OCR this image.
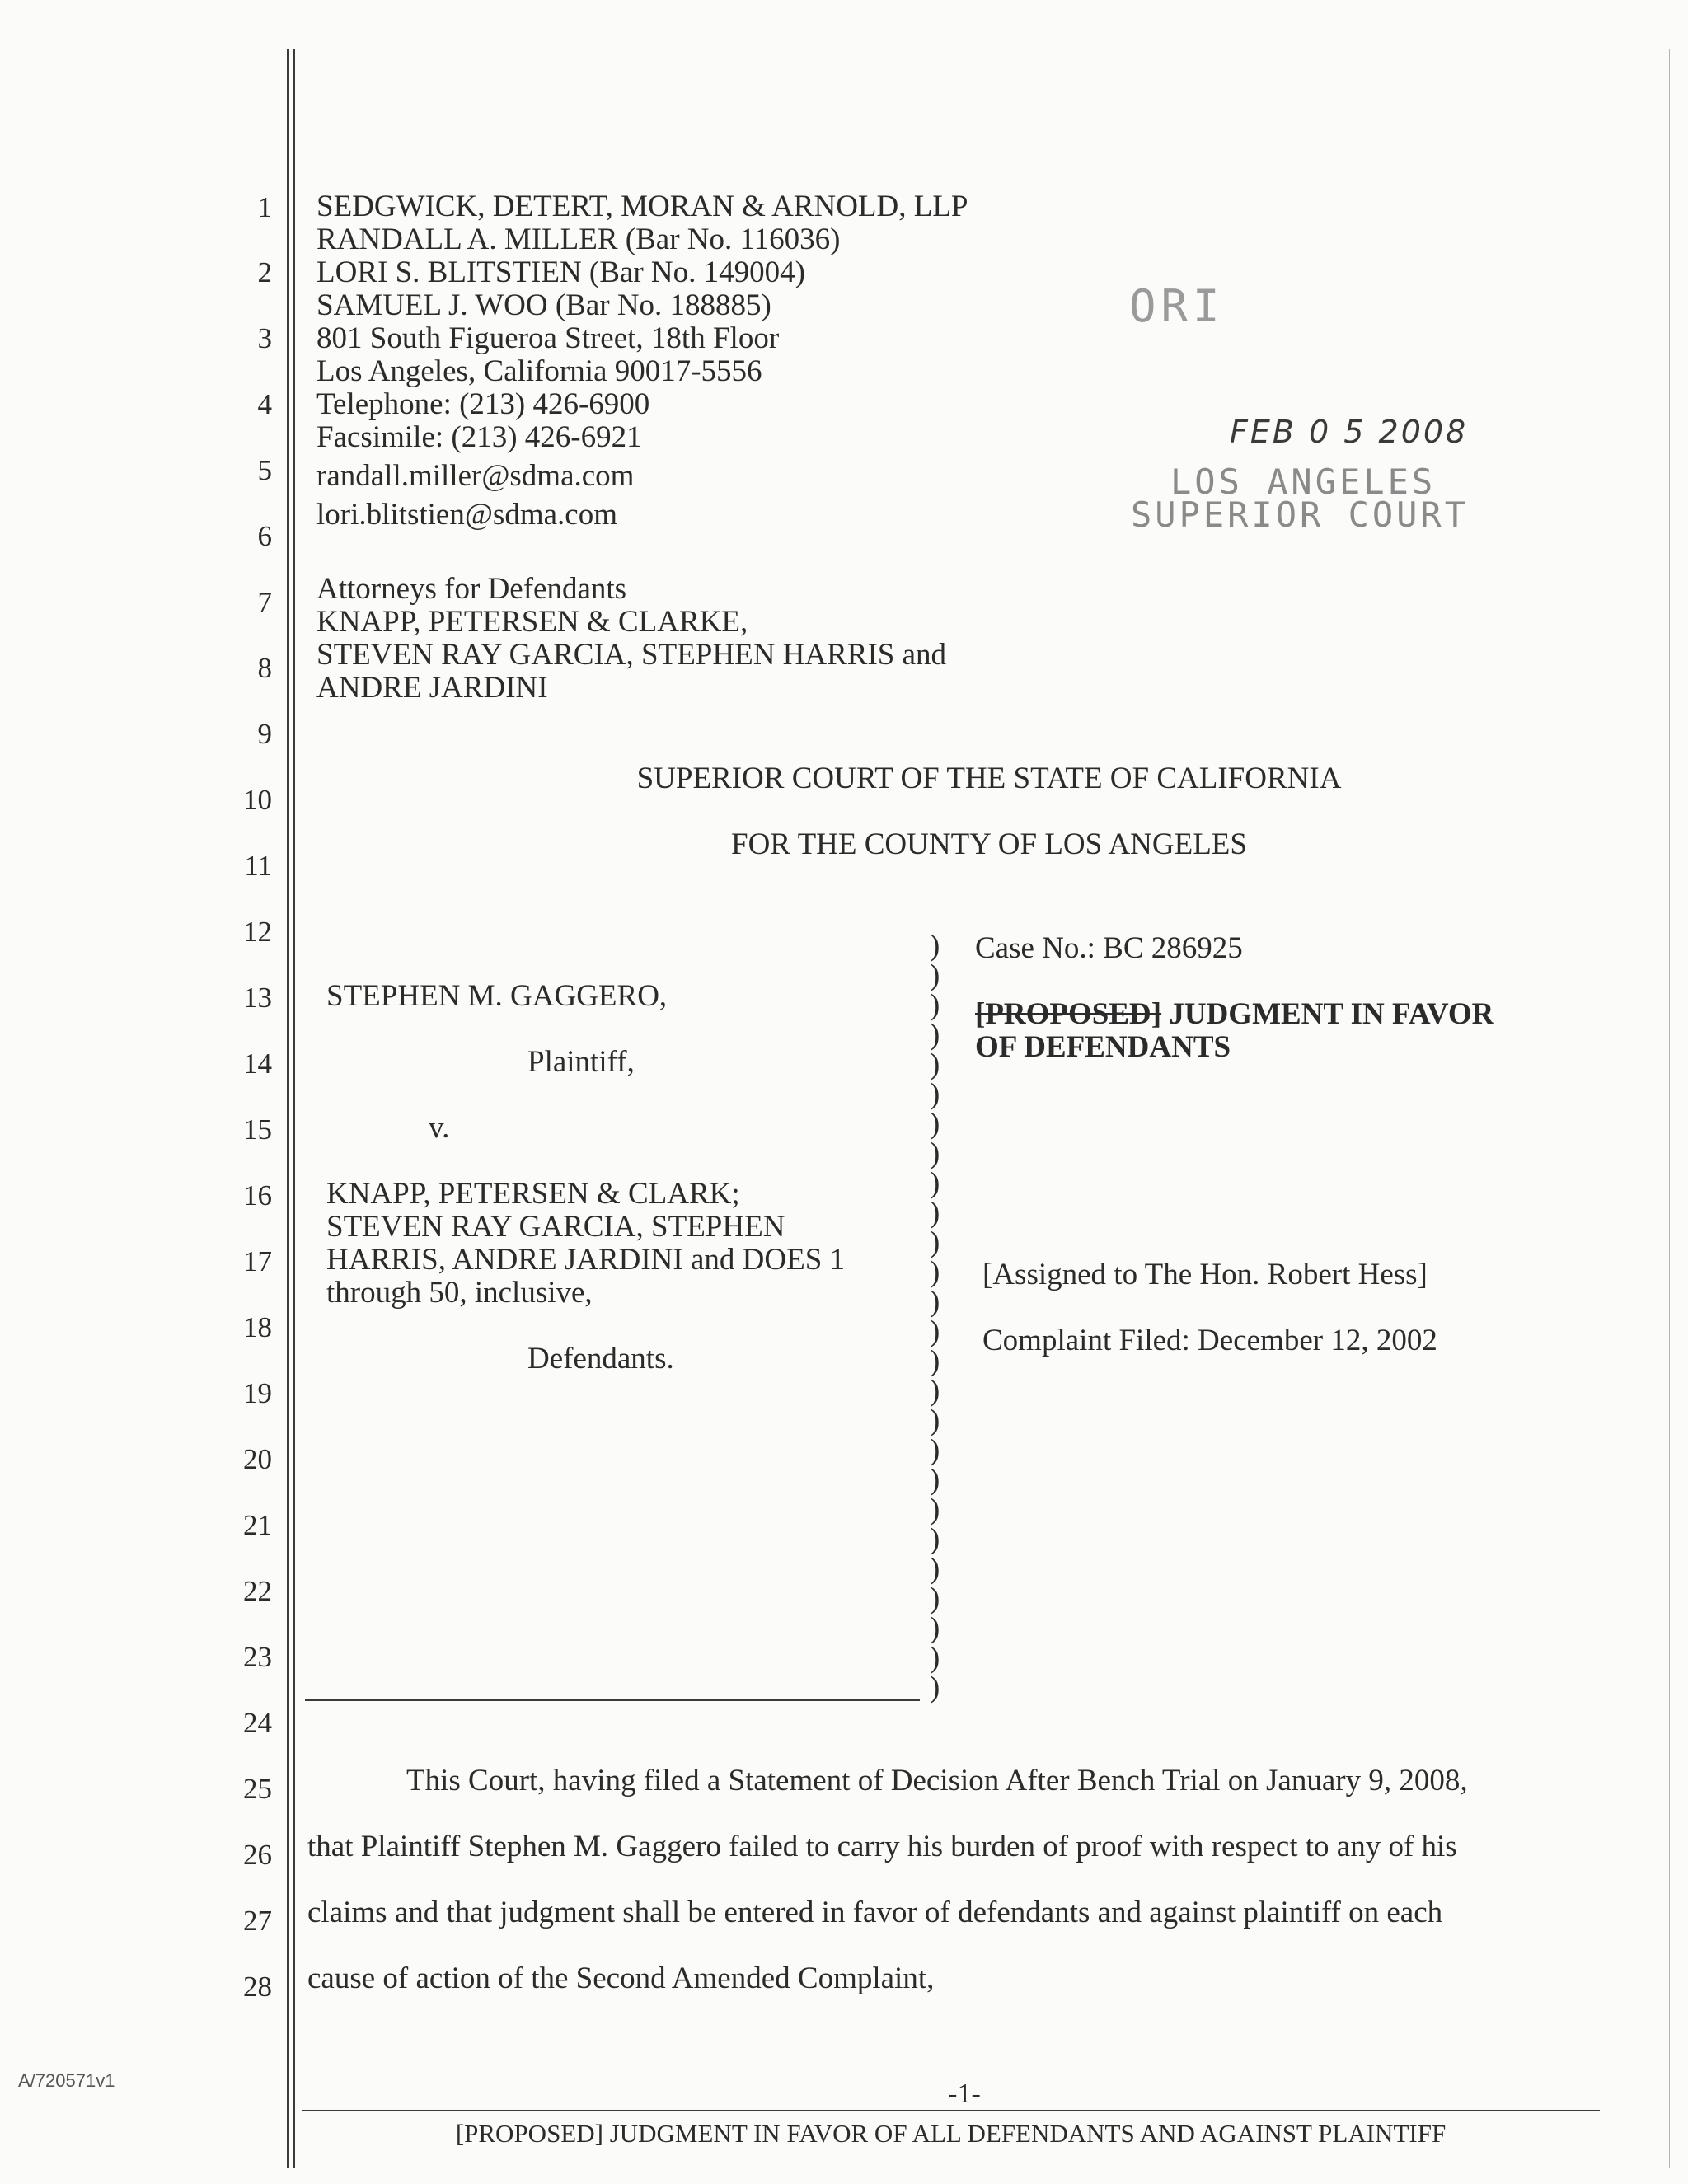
1
2
3
4
5
6
7
8
9
10
11
12
13
14
15
16
17
18
19
20
21
22
23
24
25
26
27
28
SEDGWICK, DETERT, MORAN & ARNOLD, LLP
RANDALL A. MILLER (Bar No. 116036)
LORI S. BLITSTIEN (Bar No. 149004)
SAMUEL J. WOO (Bar No. 188885)
801 South Figueroa Street, 18th Floor
Los Angeles, California 90017-5556
Telephone: (213) 426-6900
Facsimile: (213) 426-6921
randall.miller@sdma.com
lori.blitstien@sdma.com
Attorneys for Defendants
KNAPP, PETERSEN & CLARKE,
STEVEN RAY GARCIA, STEPHEN HARRIS and
ANDRE JARDINI
ORI
FEB 0 5 2008
LOS ANGELES
SUPERIOR COURT
SUPERIOR COURT OF THE STATE OF CALIFORNIA
FOR THE COUNTY OF LOS ANGELES
STEPHEN M. GAGGERO,
Plaintiff,
v.
KNAPP, PETERSEN & CLARK;
STEVEN RAY GARCIA, STEPHEN
HARRIS, ANDRE JARDINI and DOES 1
through 50, inclusive,
Defendants.
)
)
)
)
)
)
)
)
)
)
)
)
)
)
)
)
)
)
)
)
)
)
)
)
)
)
Case No.: BC 286925
[PROPOSED] JUDGMENT IN FAVOR
OF DEFENDANTS
[Assigned to The Hon. Robert Hess]
Complaint Filed: December 12, 2002
This Court, having filed a Statement of Decision After Bench Trial on January 9, 2008,
that Plaintiff Stephen M. Gaggero failed to carry his burden of proof with respect to any of his
claims and that judgment shall be entered in favor of defendants and against plaintiff on each
cause of action of the Second Amended Complaint,
A/720571v1	-1-
[PROPOSED] JUDGMENT IN FAVOR OF ALL DEFENDANTS AND AGAINST PLAINTIFF
